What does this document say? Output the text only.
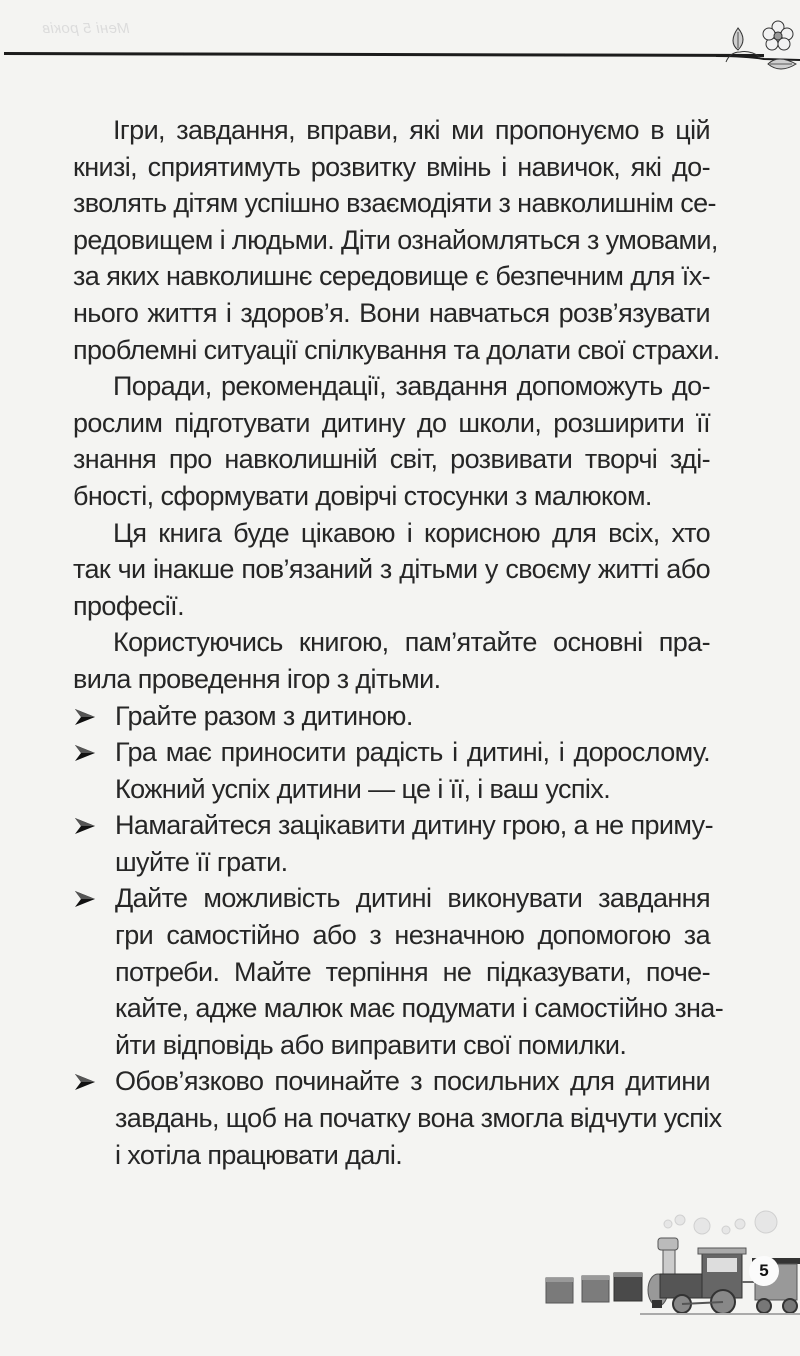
Мені 5 років
Ігри, завдання, вправи, які ми пропонуємо в цій
книзі, сприятимуть розвитку вмінь і навичок, які до-
зволять дітям успішно взаємодіяти з навколишнім се-
редовищем і людьми. Діти ознайомляться з умовами,
за яких навколишнє середовище є безпечним для їх-
нього життя і здоров’я. Вони навчаться розв’язувати
проблемні ситуації спілкування та долати свої страхи.
Поради, рекомендації, завдання допоможуть до-
рослим підготувати дитину до школи, розширити її
знання про навколишній світ, розвивати творчі зді-
бності, сформувати довірчі стосунки з малюком.
Ця книга буде цікавою і корисною для всіх, хто
так чи інакше пов’язаний з дітьми у своєму житті або
професії.
Користуючись книгою, пам’ятайте основні пра-
вила проведення ігор з дітьми.
Грайте разом з дитиною.
Гра має приносити радість і дитині, і дорослому.
Кожний успіх дитини — це і її, і ваш успіх.
Намагайтеся зацікавити дитину грою, а не приму-
шуйте її грати.
Дайте можливість дитині виконувати завдання
гри самостійно або з незначною допомогою за
потреби. Майте терпіння не підказувати, поче-
кайте, адже малюк має подумати і самостійно зна-
йти відповідь або виправити свої помилки.
Обов’язково починайте з посильних для дитини
завдань, щоб на початку вона змогла відчути успіх
і хотіла працювати далі.
5
